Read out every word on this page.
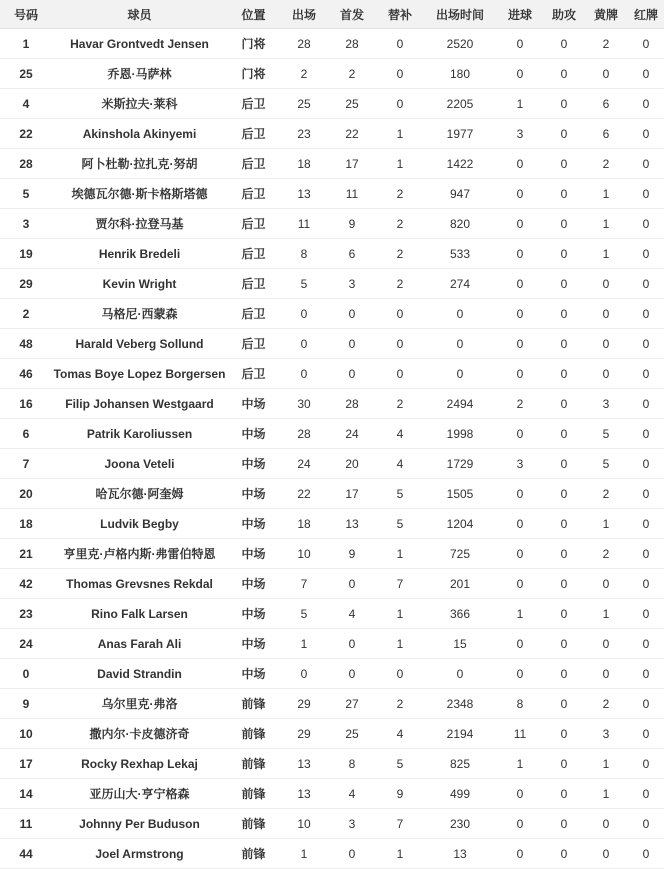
号码	球员	位置	出场	首发	替补	出场时间	进球	助攻	黄牌	红牌
1	Havar Grontvedt Jensen	门将	28	28	0	2520	0	0	2	0
25	乔恩·马萨林	门将	2	2	0	180	0	0	0	0
4	米斯拉夫·莱科	后卫	25	25	0	2205	1	0	6	0
22	Akinshola Akinyemi	后卫	23	22	1	1977	3	0	6	0
28	阿卜杜勒·拉扎克·努胡	后卫	18	17	1	1422	0	0	2	0
5	埃德瓦尔德·斯卡格斯塔德	后卫	13	11	2	947	0	0	1	0
3	贾尔科·拉登马基	后卫	11	9	2	820	0	0	1	0
19	Henrik Bredeli	后卫	8	6	2	533	0	0	1	0
29	Kevin Wright	后卫	5	3	2	274	0	0	0	0
2	马格尼·西蒙森	后卫	0	0	0	0	0	0	0	0
48	Harald Veberg Sollund	后卫	0	0	0	0	0	0	0	0
46	Tomas Boye Lopez Borgersen	后卫	0	0	0	0	0	0	0	0
16	Filip Johansen Westgaard	中场	30	28	2	2494	2	0	3	0
6	Patrik Karoliussen	中场	28	24	4	1998	0	0	5	0
7	Joona Veteli	中场	24	20	4	1729	3	0	5	0
20	哈瓦尔德·阿奎姆	中场	22	17	5	1505	0	0	2	0
18	Ludvik Begby	中场	18	13	5	1204	0	0	1	0
21	亨里克·卢格内斯·弗雷伯特恩	中场	10	9	1	725	0	0	2	0
42	Thomas Grevsnes Rekdal	中场	7	0	7	201	0	0	0	0
23	Rino Falk Larsen	中场	5	4	1	366	1	0	1	0
24	Anas Farah Ali	中场	1	0	1	15	0	0	0	0
0	David Strandin	中场	0	0	0	0	0	0	0	0
9	乌尔里克·弗洛	前锋	29	27	2	2348	8	0	2	0
10	撒内尔·卡皮德济奇	前锋	29	25	4	2194	11	0	3	0
17	Rocky Rexhap Lekaj	前锋	13	8	5	825	1	0	1	0
14	亚历山大·亨宁格森	前锋	13	4	9	499	0	0	1	0
11	Johnny Per Buduson	前锋	10	3	7	230	0	0	0	0
44	Joel Armstrong	前锋	1	0	1	13	0	0	0	0
